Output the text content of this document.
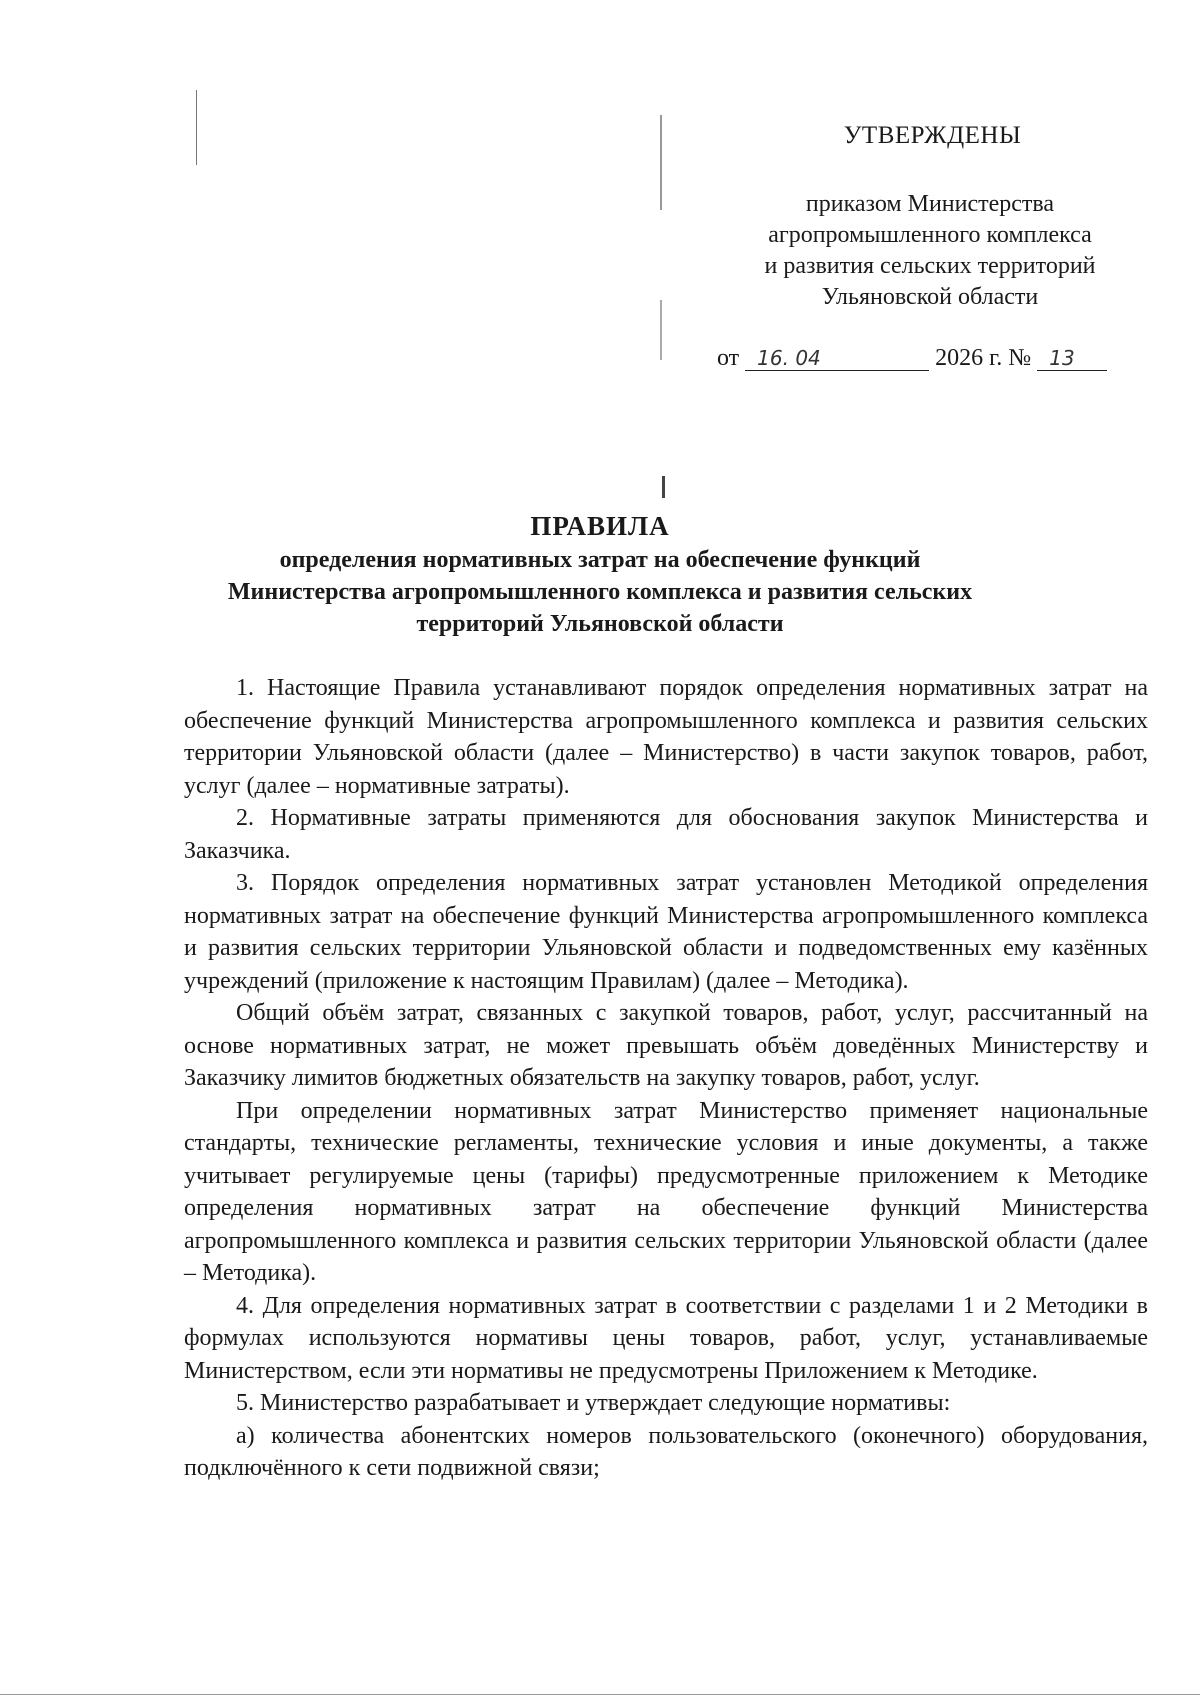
УТВЕРЖДЕНЫ
приказом Министерства
агропромышленного комплекса
и развития сельских территорий
Ульяновской области
от 16. 04	2026 г. № 13
ПРАВИЛА
определения нормативных затрат на обеспечение функций
Министерства агропромышленного комплекса и развития сельских
территорий Ульяновской области

1. Настоящие Правила устанавливают порядок определения нормативных затрат на обеспечение функций Министерства агропромышленного комплекса и развития сельских территории Ульяновской области (далее – Министерство) в части закупок товаров, работ, услуг (далее – нормативные затраты).

2. Нормативные затраты применяются для обоснования закупок Министерства и Заказчика.

3. Порядок определения нормативных затрат установлен Методикой определения нормативных затрат на обеспечение функций Министерства агропромышленного комплекса и развития сельских территории Ульяновской области и подведомственных ему казённых учреждений (приложение к настоящим Правилам) (далее – Методика).

Общий объём затрат, связанных с закупкой товаров, работ, услуг, рассчитанный на основе нормативных затрат, не может превышать объём доведённых Министерству и Заказчику лимитов бюджетных обязательств на закупку товаров, работ, услуг.

При определении нормативных затрат Министерство применяет национальные стандарты, технические регламенты, технические условия и иные документы, а также учитывает регулируемые цены (тарифы) предусмотренные приложением к Методике определения нормативных затрат на обеспечение функций Министерства агропромышленного комплекса и развития сельских территории Ульяновской области (далее – Методика).

4. Для определения нормативных затрат в соответствии с разделами 1 и 2 Методики в формулах используются нормативы цены товаров, работ, услуг, устанавливаемые Министерством, если эти нормативы не предусмотрены Приложением к Методике.

5. Министерство разрабатывает и утверждает следующие нормативы:

а) количества абонентских номеров пользовательского (оконечного) оборудования, подключённого к сети подвижной связи;
